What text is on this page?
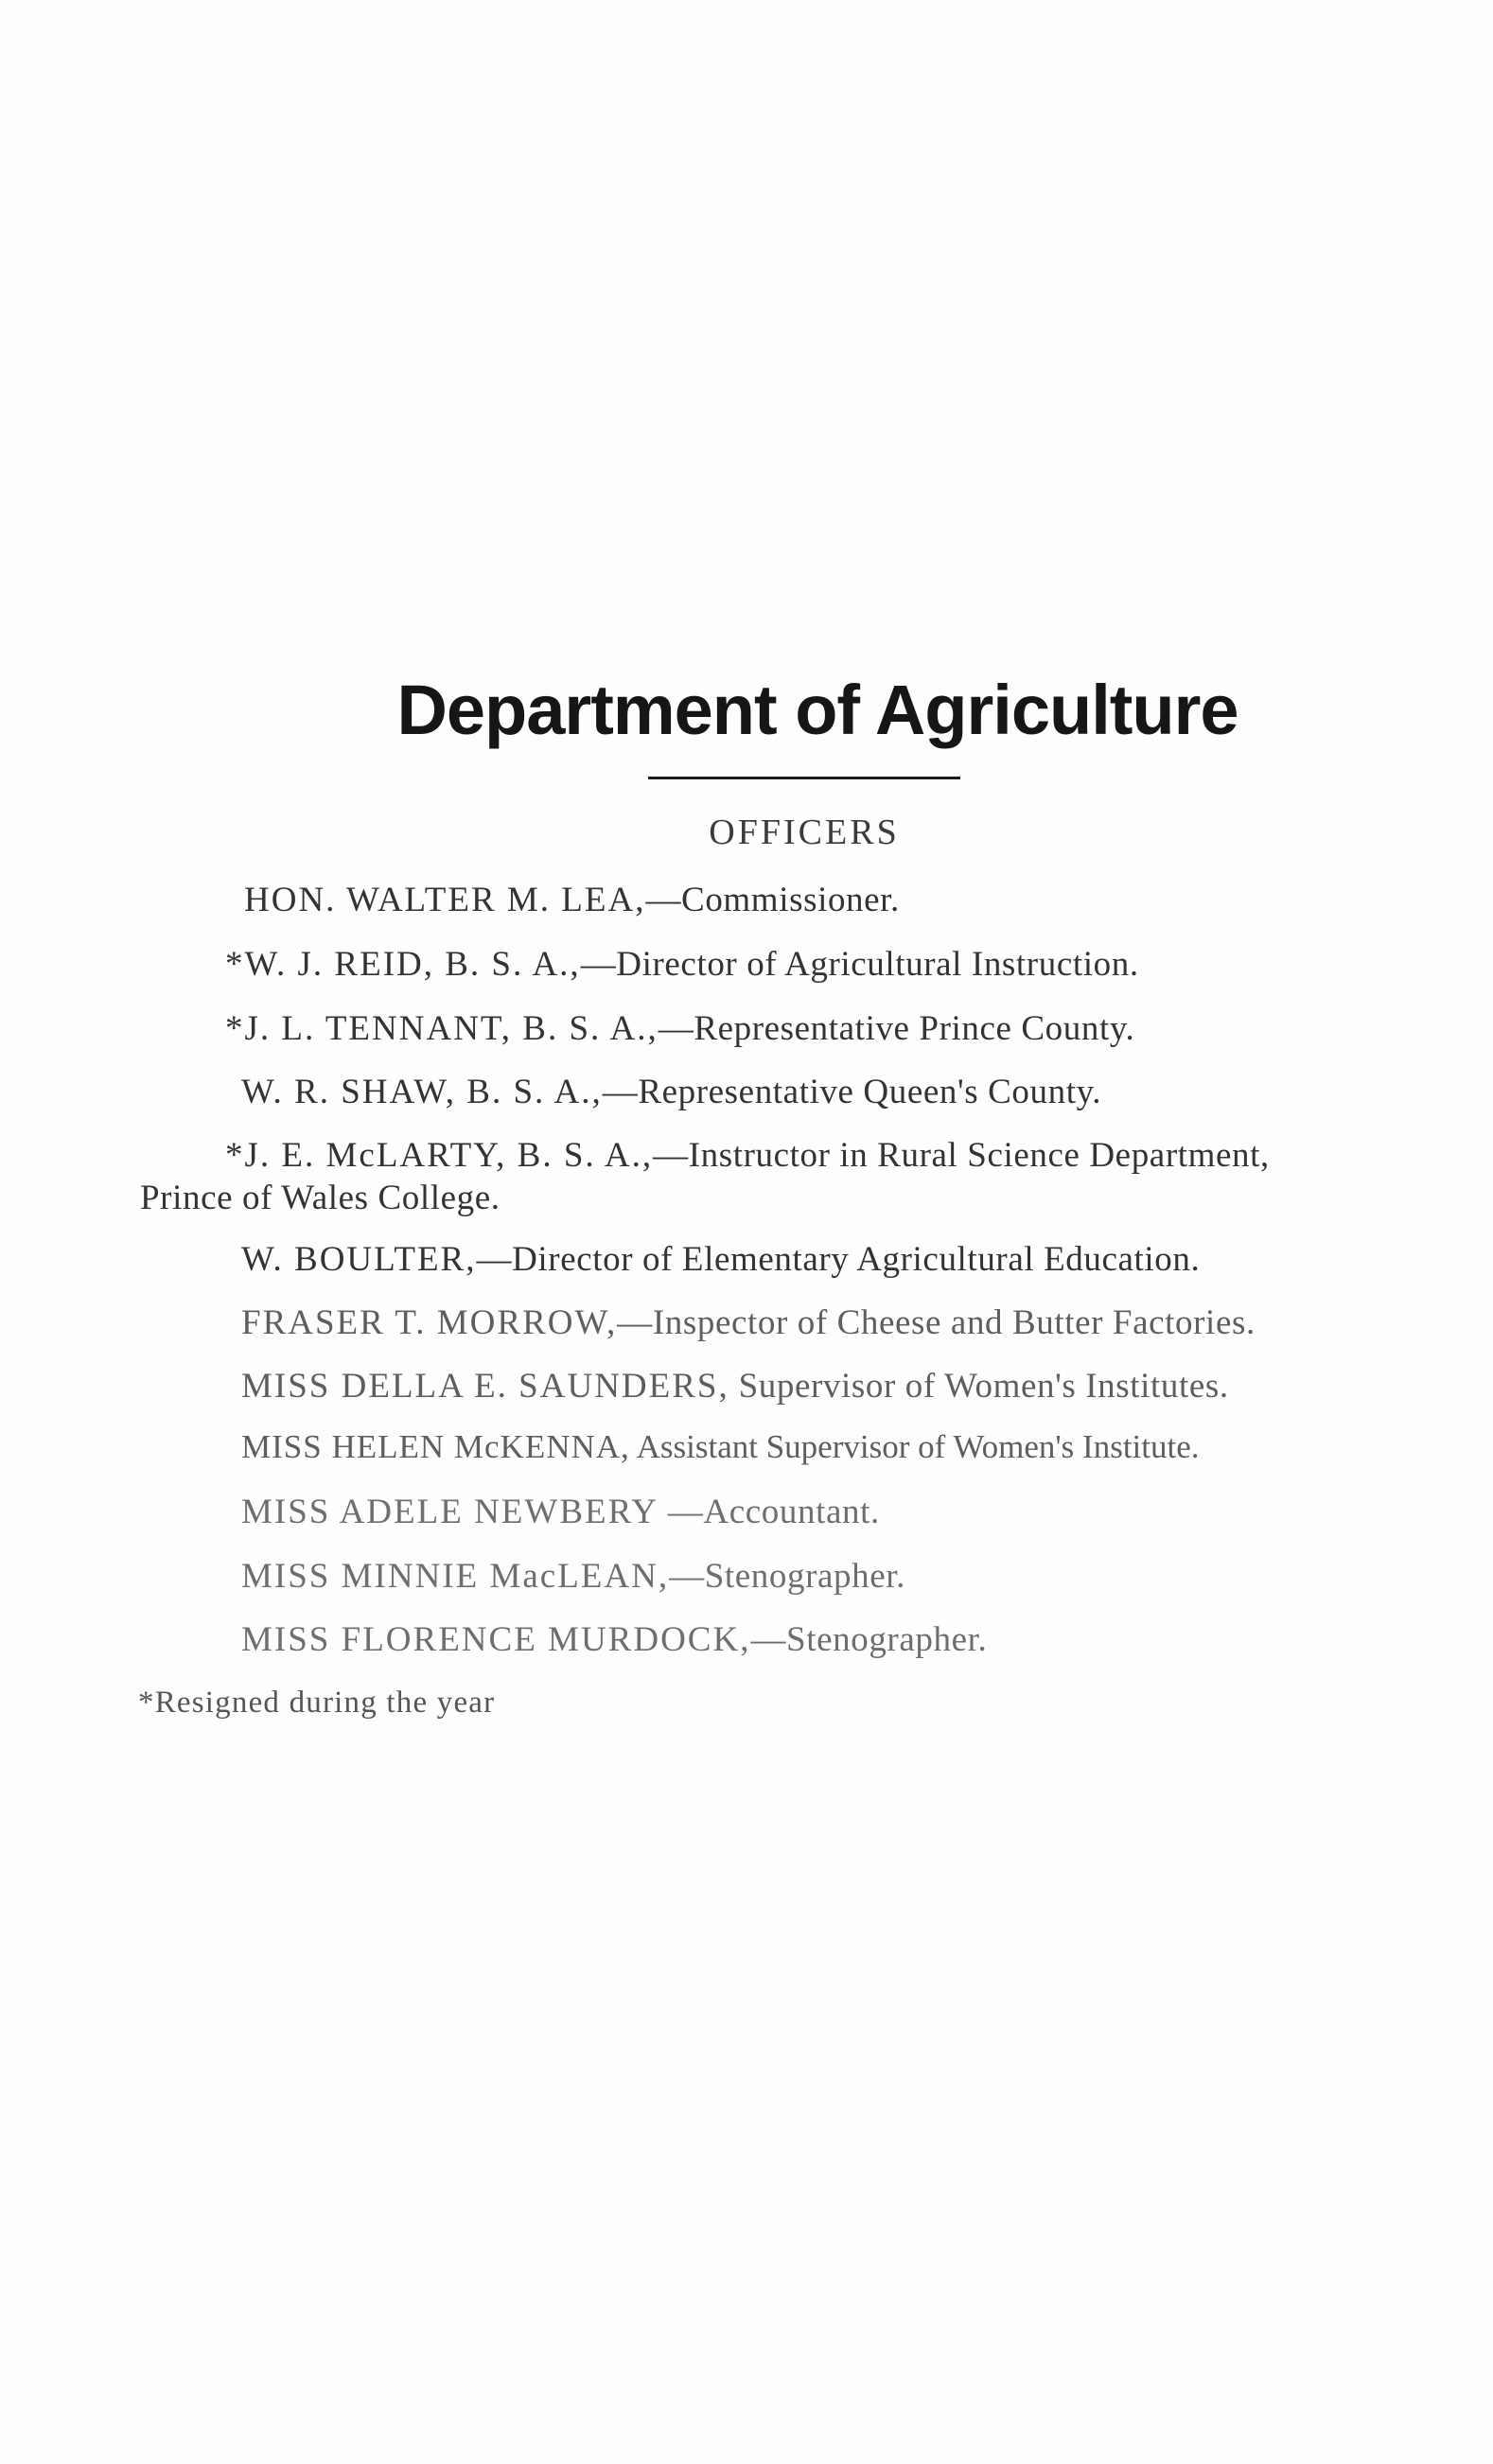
Department of Agriculture
OFFICERS
HON. WALTER M. LEA,—Commissioner.
*W. J. REID, B. S. A.,—Director of Agricultural Instruction.
*J. L. TENNANT, B. S. A.,—Representative Prince County.
W. R. SHAW, B. S. A.,—Representative Queen's County.
*J. E. McLARTY, B. S. A.,—Instructor in Rural Science Department,
Prince of Wales College.
W. BOULTER,—Director of Elementary Agricultural Education.
FRASER T. MORROW,—Inspector of Cheese and Butter Factories.
MISS DELLA E. SAUNDERS, Supervisor of Women's Institutes.
MISS HELEN McKENNA, Assistant Supervisor of Women's Institute.
MISS ADELE NEWBERY —Accountant.
MISS MINNIE MacLEAN,—Stenographer.
MISS FLORENCE MURDOCK,—Stenographer.
*Resigned during the year
